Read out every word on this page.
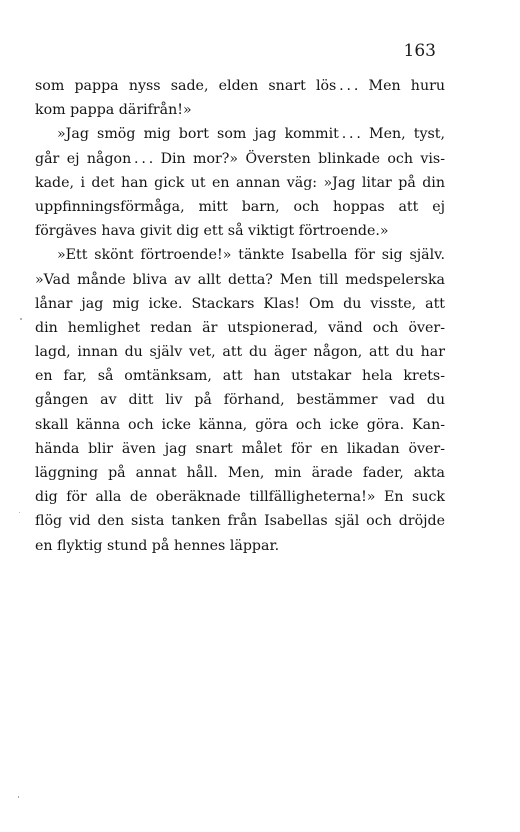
163
som pappa nyss sade, elden snart lös . . . Men huru
kom pappa därifrån!»
»Jag smög mig bort som jag kommit . . . Men, tyst,
går ej någon . . . Din mor?» Översten blinkade och vis-
kade, i det han gick ut en annan väg: »Jag litar på din
uppfinningsförmåga, mitt barn, och hoppas att ej
förgäves hava givit dig ett så viktigt förtroende.»
»Ett skönt förtroende!» tänkte Isabella för sig själv.
»Vad månde bliva av allt detta? Men till medspelerska
lånar jag mig icke. Stackars Klas! Om du visste, att
din hemlighet redan är utspionerad, vänd och över-
lagd, innan du själv vet, att du äger någon, att du har
en far, så omtänksam, att han utstakar hela krets-
gången av ditt liv på förhand, bestämmer vad du
skall känna och icke känna, göra och icke göra. Kan-
hända blir även jag snart målet för en likadan över-
läggning på annat håll. Men, min ärade fader, akta
dig för alla de oberäknade tillfälligheterna!» En suck
flög vid den sista tanken från Isabellas själ och dröjde
en flyktig stund på hennes läppar.
